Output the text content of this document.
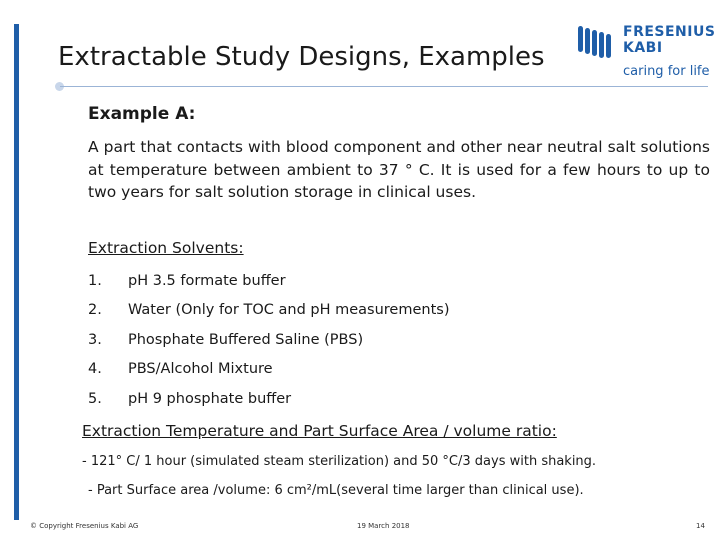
Extractable Study Designs, Examples
FRESENIUS
KABI
caring for life
Example A:
A part that contacts with blood component and other near neutral salt solutions at temperature between ambient to 37 ° C. It is used for a few hours to up to two years for salt solution storage in clinical uses.
Extraction Solvents:
1.	pH 3.5 formate buffer
2.	Water (Only for TOC and pH measurements)
3.	Phosphate Buffered Saline (PBS)
4.	PBS/Alcohol Mixture
5.	pH 9 phosphate buffer
Extraction Temperature and Part Surface Area / volume ratio:
- 121° C/ 1 hour (simulated steam sterilization) and 50 °C/3 days with shaking.
- Part Surface area /volume: 6 cm²/mL(several time larger than clinical use).
© Copyright Fresenius Kabi AG	19 March 2018	14
